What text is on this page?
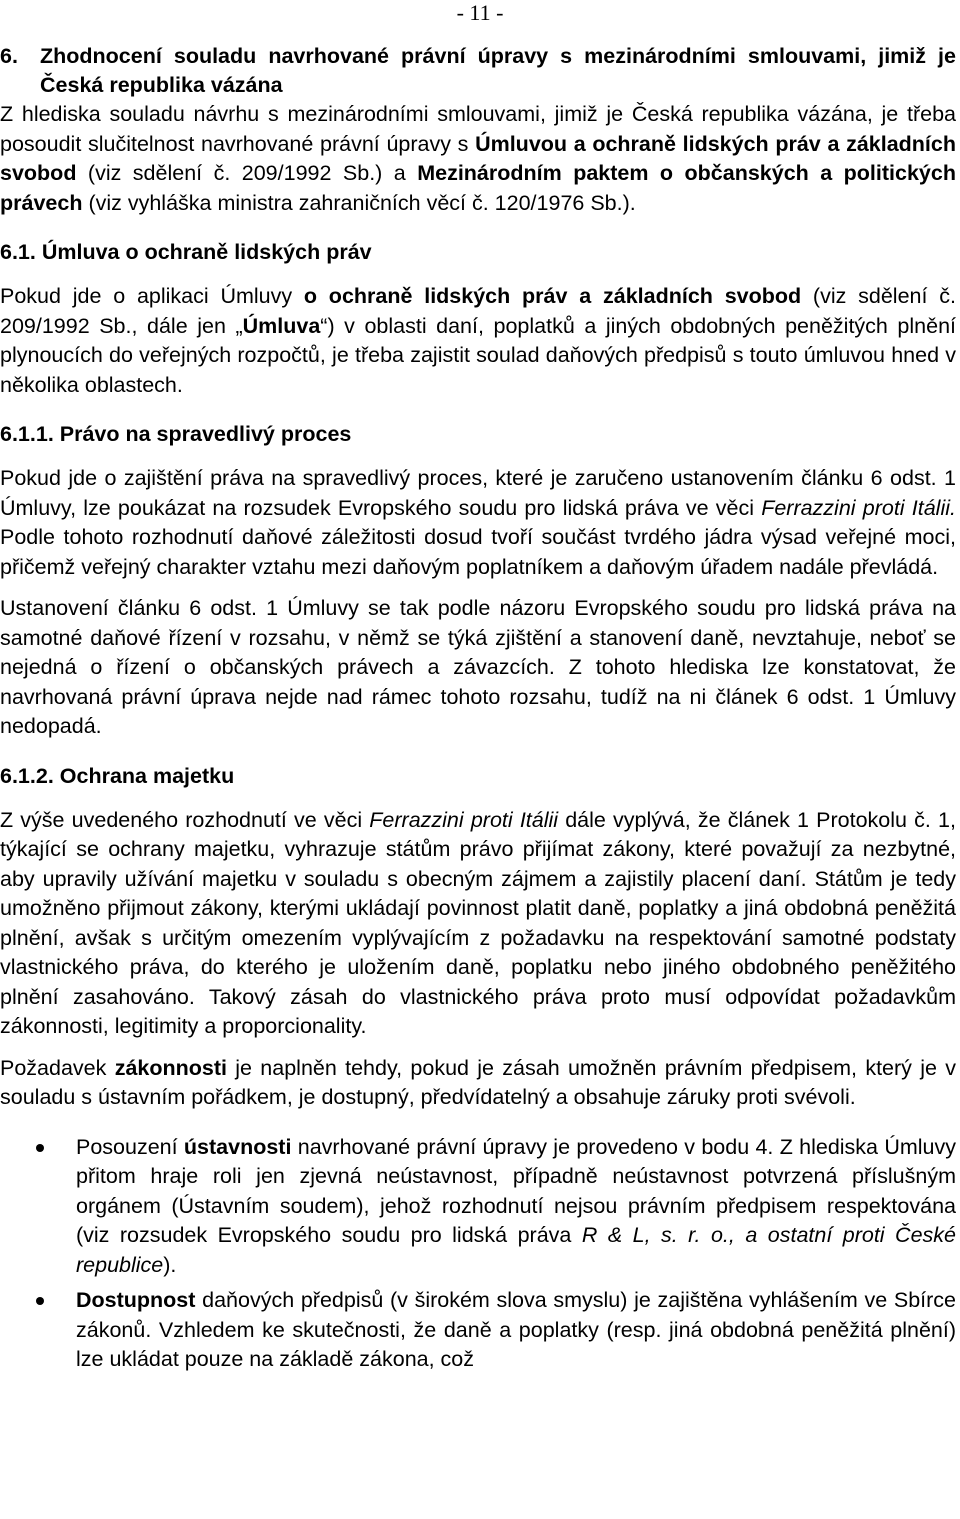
- 11 -
6.	Zhodnocení souladu navrhované právní úpravy s mezinárodními smlouvami, jimiž je Česká republika vázána

Z hlediska souladu návrhu s mezinárodními smlouvami, jimiž je Česká republika vázána, je třeba posoudit slučitelnost navrhované právní úpravy s Úmluvou a ochraně lidských práv a základních svobod (viz sdělení č. 209/1992 Sb.) a Mezinárodním paktem o občanských a politických právech (viz vyhláška ministra zahraničních věcí č. 120/1976 Sb.).

6.1. Úmluva o ochraně lidských práv

Pokud jde o aplikaci Úmluvy o ochraně lidských práv a základních svobod (viz sdělení č. 209/1992 Sb., dále jen „Úmluva“) v oblasti daní, poplatků a jiných obdobných peněžitých plnění plynoucích do veřejných rozpočtů, je třeba zajistit soulad daňových předpisů s touto úmluvou hned v několika oblastech.

6.1.1. Právo na spravedlivý proces

Pokud jde o zajištění práva na spravedlivý proces, které je zaručeno ustanovením článku 6 odst. 1 Úmluvy, lze poukázat na rozsudek Evropského soudu pro lidská práva ve věci Ferrazzini proti Itálii. Podle tohoto rozhodnutí daňové záležitosti dosud tvoří součást tvrdého jádra výsad veřejné moci, přičemž veřejný charakter vztahu mezi daňovým poplatníkem a daňovým úřadem nadále převládá.

Ustanovení článku 6 odst. 1 Úmluvy se tak podle názoru Evropského soudu pro lidská práva na samotné daňové řízení v rozsahu, v němž se týká zjištění a stanovení daně, nevztahuje, neboť se nejedná o řízení o občanských právech a závazcích. Z tohoto hlediska lze konstatovat, že navrhovaná právní úprava nejde nad rámec tohoto rozsahu, tudíž na ni článek 6 odst. 1 Úmluvy nedopadá.

6.1.2. Ochrana majetku

Z výše uvedeného rozhodnutí ve věci Ferrazzini proti Itálii dále vyplývá, že článek 1 Protokolu č. 1, týkající se ochrany majetku, vyhrazuje státům právo přijímat zákony, které považují za nezbytné, aby upravily užívání majetku v souladu s obecným zájmem a zajistily placení daní. Státům je tedy umožněno přijmout zákony, kterými ukládají povinnost platit daně, poplatky a jiná obdobná peněžitá plnění, avšak s určitým omezením vyplývajícím z požadavku na respektování samotné podstaty vlastnického práva, do kterého je uložením daně, poplatku nebo jiného obdobného peněžitého plnění zasahováno. Takový zásah do vlastnického práva proto musí odpovídat požadavkům zákonnosti, legitimity a proporcionality.

Požadavek zákonnosti je naplněn tehdy, pokud je zásah umožněn právním předpisem, který je v souladu s ústavním pořádkem, je dostupný, předvídatelný a obsahuje záruky proti svévoli.

Posouzení ústavnosti navrhované právní úpravy je provedeno v bodu 4. Z hlediska Úmluvy přitom hraje roli jen zjevná neústavnost, případně neústavnost potvrzená příslušným orgánem (Ústavním soudem), jehož rozhodnutí nejsou právním předpisem respektována (viz rozsudek Evropského soudu pro lidská práva R & L, s. r. o., a ostatní proti České republice).

Dostupnost daňových předpisů (v širokém slova smyslu) je zajištěna vyhlášením ve Sbírce zákonů. Vzhledem ke skutečnosti, že daně a poplatky (resp. jiná obdobná peněžitá plnění) lze ukládat pouze na základě zákona, což
